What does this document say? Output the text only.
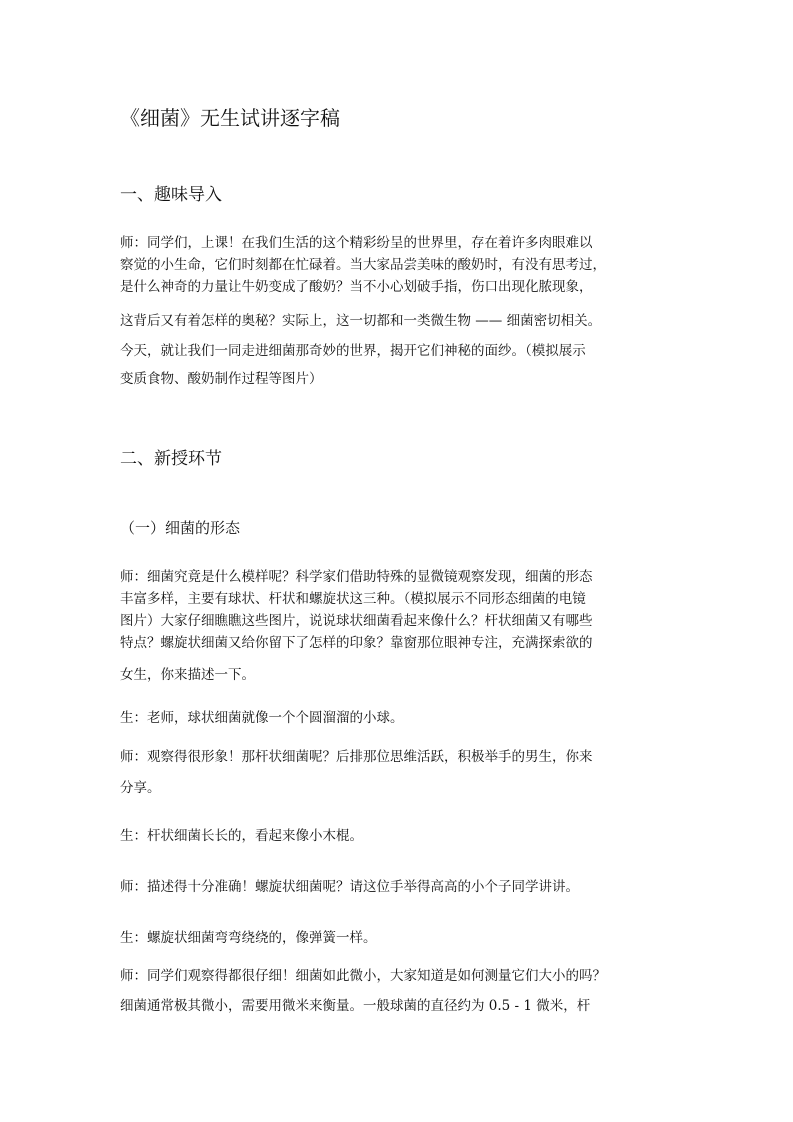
《细菌》无生试讲逐字稿
一、趣味导入
师：同学们，上课！在我们生活的这个精彩纷呈的世界里，存在着许多肉眼难以
察觉的小生命，它们时刻都在忙碌着。当大家品尝美味的酸奶时，有没有思考过，
是什么神奇的力量让牛奶变成了酸奶？当不小心划破手指，伤口出现化脓现象，
这背后又有着怎样的奥秘？实际上，这一切都和一类微生物 —— 细菌密切相关。
今天，就让我们一同走进细菌那奇妙的世界，揭开它们神秘的面纱。（模拟展示
变质食物、酸奶制作过程等图片）
二、新授环节
（一）细菌的形态
师：细菌究竟是什么模样呢？科学家们借助特殊的显微镜观察发现，细菌的形态
丰富多样，主要有球状、杆状和螺旋状这三种。（模拟展示不同形态细菌的电镜
图片）大家仔细瞧瞧这些图片，说说球状细菌看起来像什么？杆状细菌又有哪些
特点？螺旋状细菌又给你留下了怎样的印象？靠窗那位眼神专注，充满探索欲的
女生，你来描述一下。
生：老师，球状细菌就像一个个圆溜溜的小球。
师：观察得很形象！那杆状细菌呢？后排那位思维活跃，积极举手的男生，你来
分享。
生：杆状细菌长长的，看起来像小木棍。
师：描述得十分准确！螺旋状细菌呢？请这位手举得高高的小个子同学讲讲。
生：螺旋状细菌弯弯绕绕的，像弹簧一样。
师：同学们观察得都很仔细！细菌如此微小，大家知道是如何测量它们大小的吗？
细菌通常极其微小，需要用微米来衡量。一般球菌的直径约为 0.5 - 1 微米，杆
